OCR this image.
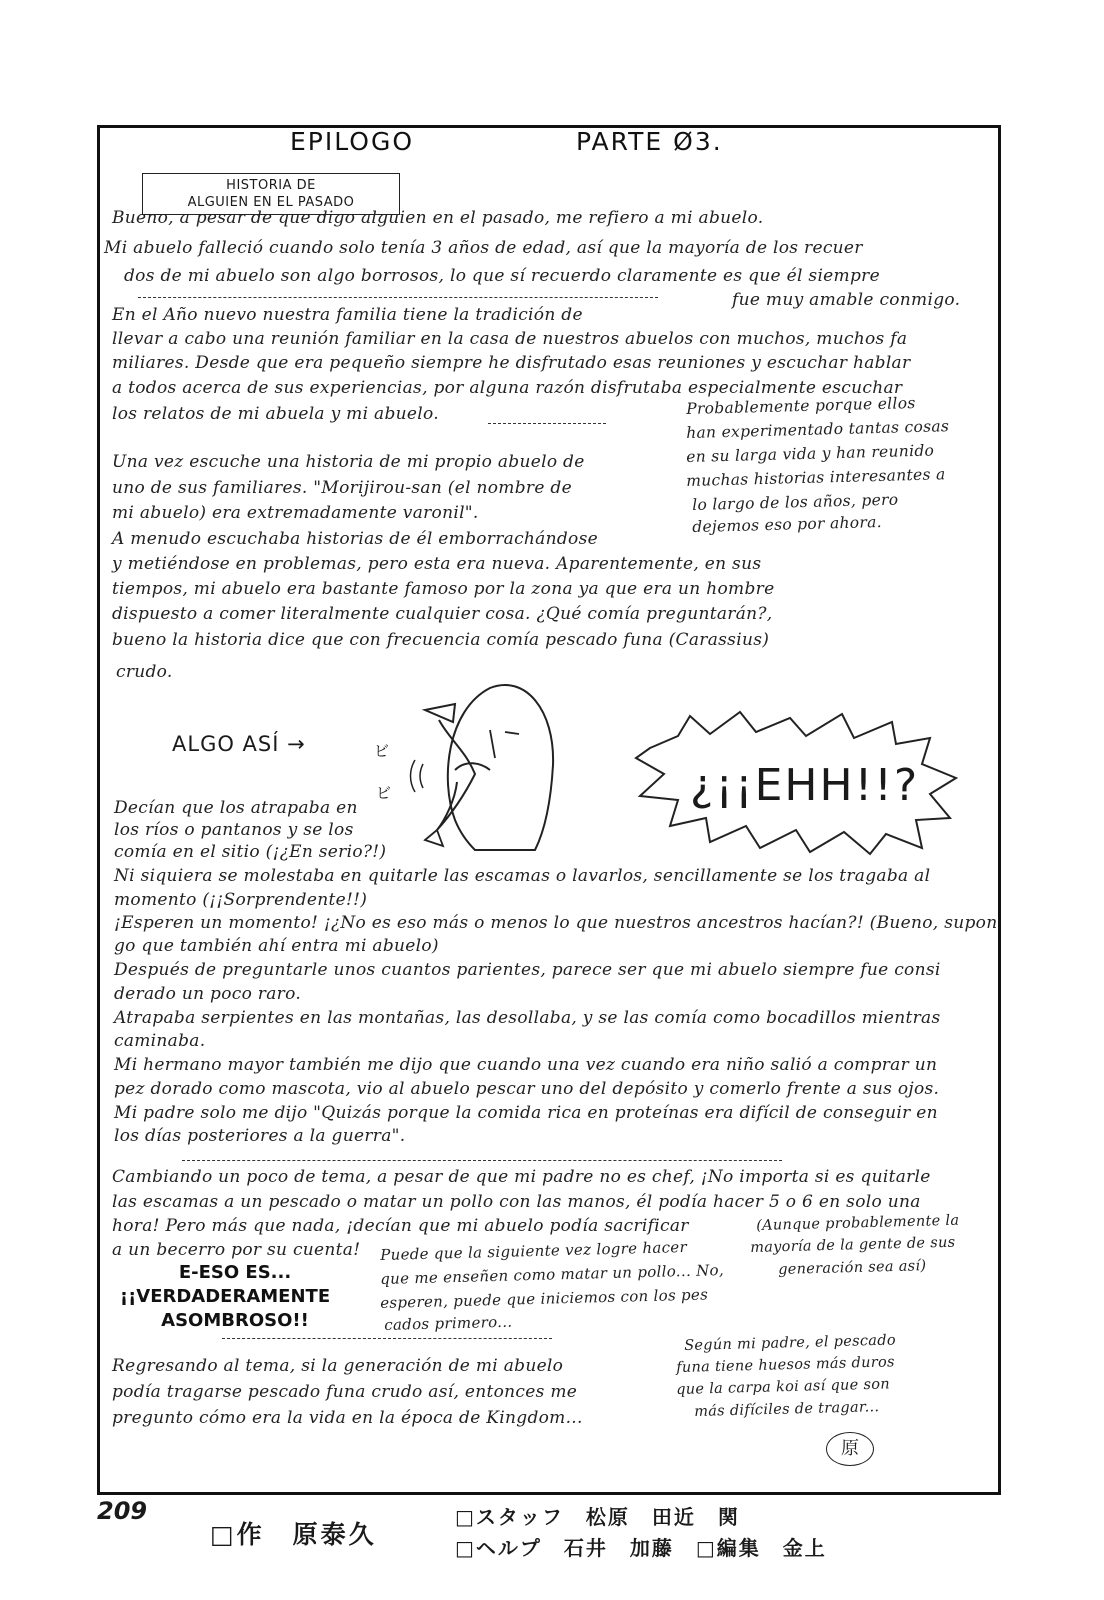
EPILOGO	PARTE Ø3.
HISTORIA DE
ALGUIEN EN EL PASADO
Bueno, a pesar de que digo alguien en el pasado, me refiero a mi abuelo.
Mi abuelo falleció cuando solo tenía 3 años de edad, así que la mayoría de los recuer
dos de mi abuelo son algo borrosos, lo que sí recuerdo claramente es que él siempre
fue muy amable conmigo.
En el Año nuevo nuestra familia tiene la tradición de
llevar a cabo una reunión familiar en la casa de nuestros abuelos con muchos, muchos fa
miliares. Desde que era pequeño siempre he disfrutado esas reuniones y escuchar hablar
a todos acerca de sus experiencias, por alguna razón disfrutaba especialmente escuchar
los relatos de mi abuela y mi abuelo.	Probablemente porque ellos
han experimentado tantas cosas
en su larga vida y han reunido
muchas historias interesantes a
lo largo de los años, pero
dejemos eso por ahora.
Una vez escuche una historia de mi propio abuelo de
uno de sus familiares. "Morijirou-san (el nombre de
mi abuelo) era extremadamente varonil".
A menudo escuchaba historias de él emborrachándose
y metiéndose en problemas, pero esta era nueva. Aparentemente, en sus
tiempos, mi abuelo era bastante famoso por la zona ya que era un hombre
dispuesto a comer literalmente cualquier cosa. ¿Qué comía preguntarán?,
bueno la historia dice que con frecuencia comía pescado funa (Carassius)
crudo.
ALGO ASÍ →	ビ
ビ	¿¡¡EHH!!?
Decían que los atrapaba en
los ríos o pantanos y se los
comía en el sitio (¡¿En serio?!)
Ni siquiera se molestaba en quitarle las escamas o lavarlos, sencillamente se los tragaba al
momento (¡¡Sorprendente!!)
¡Esperen un momento! ¡¿No es eso más o menos lo que nuestros ancestros hacían?! (Bueno, supon
go que también ahí entra mi abuelo)
Después de preguntarle unos cuantos parientes, parece ser que mi abuelo siempre fue consi
derado un poco raro.
Atrapaba serpientes en las montañas, las desollaba, y se las comía como bocadillos mientras
caminaba.
Mi hermano mayor también me dijo que cuando una vez cuando era niño salió a comprar un
pez dorado como mascota, vio al abuelo pescar uno del depósito y comerlo frente a sus ojos.
Mi padre solo me dijo "Quizás porque la comida rica en proteínas era difícil de conseguir en
los días posteriores a la guerra".
Cambiando un poco de tema, a pesar de que mi padre no es chef, ¡No importa si es quitarle
las escamas a un pescado o matar un pollo con las manos, él podía hacer 5 o 6 en solo una
hora! Pero más que nada, ¡decían que mi abuelo podía sacrificar
a un becerro por su cuenta!
(Aunque probablemente la
mayoría de la gente de sus
generación sea así)
E-ESO ES...
¡¡VERDADERAMENTE
ASOMBROSO!!
Puede que la siguiente vez logre hacer
que me enseñen como matar un pollo... No,
esperen, puede que iniciemos con los pes
cados primero...
Regresando al tema, si la generación de mi abuelo
podía tragarse pescado funa crudo así, entonces me
pregunto cómo era la vida en la época de Kingdom...
Según mi padre, el pescado
funa tiene huesos más duros
que la carpa koi así que son
más difíciles de tragar...
原
209
□作　原泰久
□スタッフ　松原　田近　関
□ヘルプ　石井　加藤　□編集　金上
